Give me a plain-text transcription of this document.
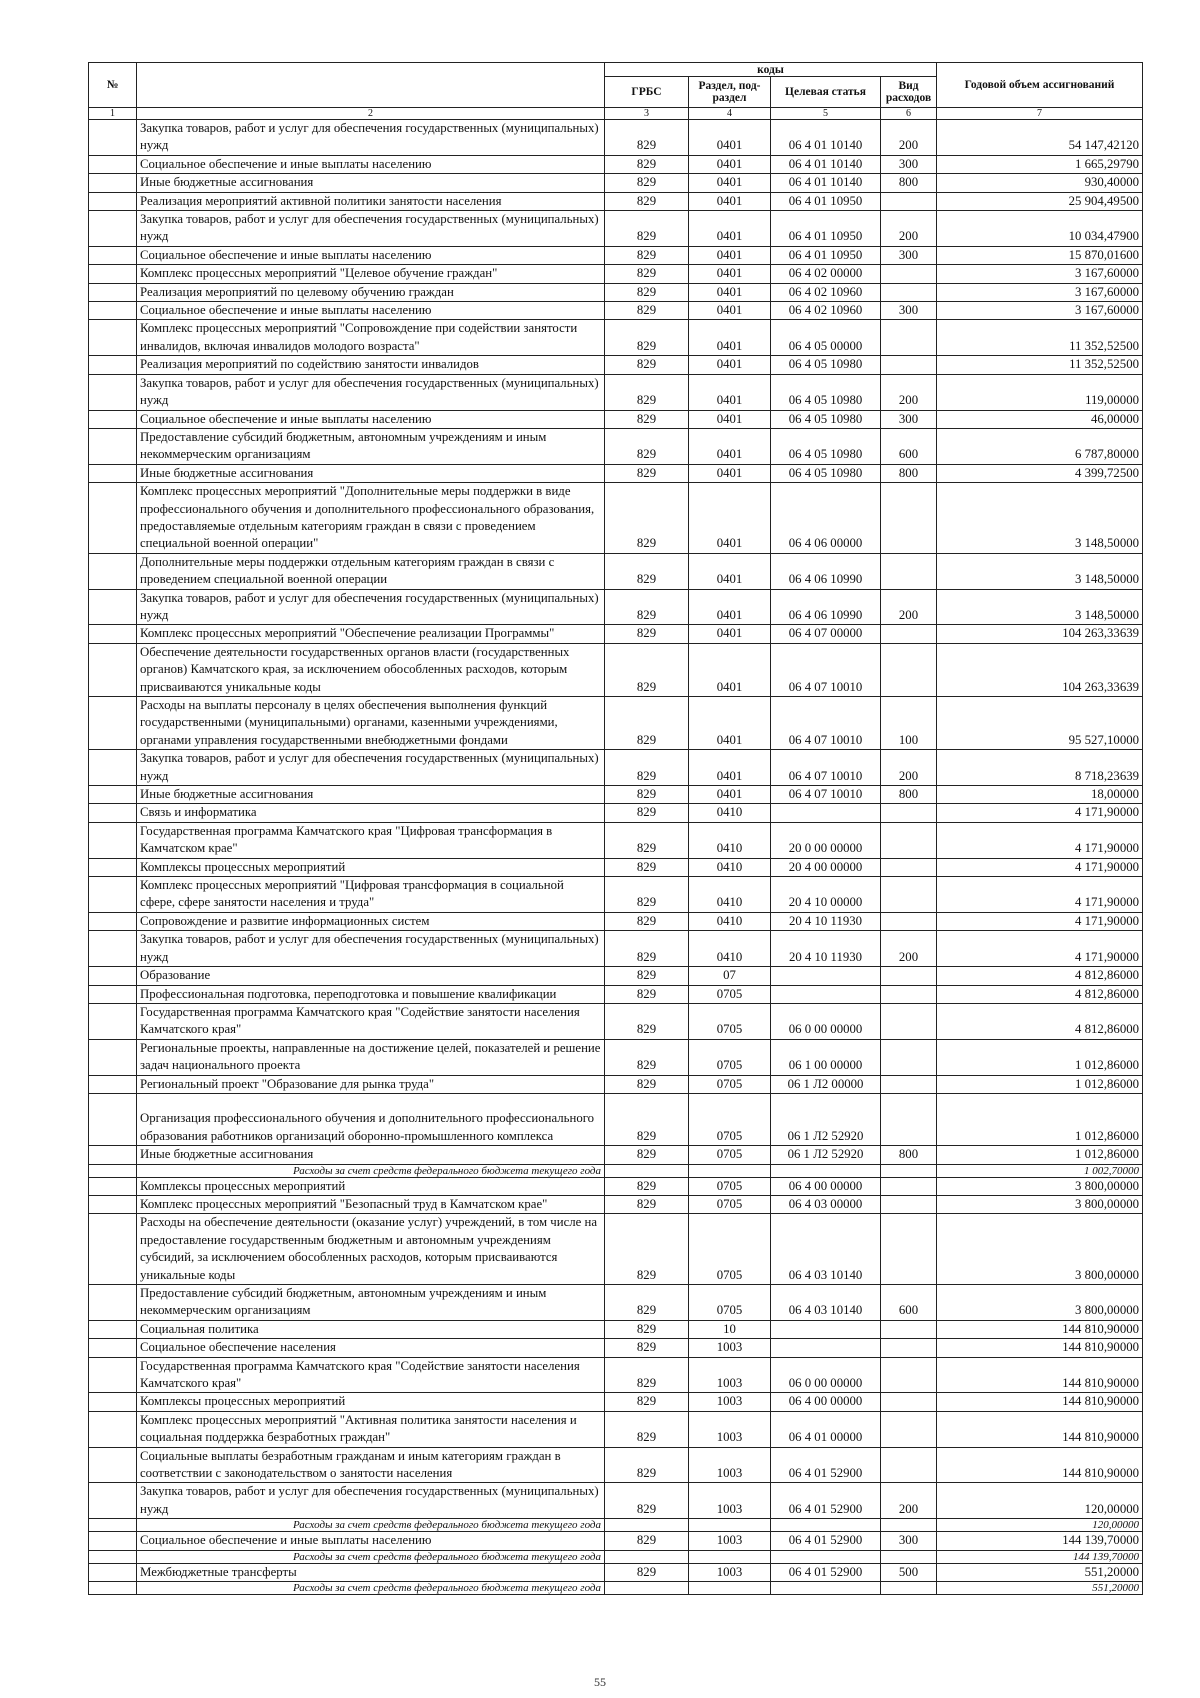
№		коды				Годовой объем ассигнований
		ГРБС	Раздел, под-раздел	Целевая статья	Вид расходов	
1	2	3	4	5	6	7
	Закупка товаров, работ и услуг для обеспечения государственных (муниципальных) нужд	829	0401	06 4 01 10140	200	54 147,42120
	Социальное обеспечение и иные выплаты населению	829	0401	06 4 01 10140	300	1 665,29790
	Иные бюджетные ассигнования	829	0401	06 4 01 10140	800	930,40000
	Реализация мероприятий активной политики занятости населения	829	0401	06 4 01 10950		25 904,49500
	Закупка товаров, работ и услуг для обеспечения государственных (муниципальных) нужд	829	0401	06 4 01 10950	200	10 034,47900
	Социальное обеспечение и иные выплаты населению	829	0401	06 4 01 10950	300	15 870,01600
	Комплекс процессных мероприятий "Целевое обучение граждан"	829	0401	06 4 02 00000		3 167,60000
	Реализация мероприятий по целевому обучению граждан	829	0401	06 4 02 10960		3 167,60000
	Социальное обеспечение и иные выплаты населению	829	0401	06 4 02 10960	300	3 167,60000
	Комплекс процессных мероприятий "Сопровождение при содействии занятости инвалидов, включая инвалидов молодого возраста"	829	0401	06 4 05 00000		11 352,52500
	Реализация мероприятий по содействию занятости инвалидов	829	0401	06 4 05 10980		11 352,52500
	Закупка товаров, работ и услуг для обеспечения государственных (муниципальных) нужд	829	0401	06 4 05 10980	200	119,00000
	Социальное обеспечение и иные выплаты населению	829	0401	06 4 05 10980	300	46,00000
	Предоставление субсидий бюджетным, автономным учреждениям и иным некоммерческим организациям	829	0401	06 4 05 10980	600	6 787,80000
	Иные бюджетные ассигнования	829	0401	06 4 05 10980	800	4 399,72500
	Комплекс процессных мероприятий "Дополнительные меры поддержки в виде профессионального обучения и дополнительного профессионального образования, предоставляемые отдельным категориям граждан в связи с проведением специальной военной операции"	829	0401	06 4 06 00000		3 148,50000
	Дополнительные меры поддержки отдельным категориям граждан в связи с проведением специальной военной операции	829	0401	06 4 06 10990		3 148,50000
	Закупка товаров, работ и услуг для обеспечения государственных (муниципальных) нужд	829	0401	06 4 06 10990	200	3 148,50000
	Комплекс процессных мероприятий "Обеспечение реализации Программы"	829	0401	06 4 07 00000		104 263,33639
	Обеспечение деятельности государственных органов власти (государственных органов) Камчатского края, за исключением обособленных расходов, которым присваиваются уникальные коды	829	0401	06 4 07 10010		104 263,33639
	Расходы на выплаты персоналу в целях обеспечения выполнения функций государственными (муниципальными) органами, казенными учреждениями, органами управления государственными внебюджетными фондами	829	0401	06 4 07 10010	100	95 527,10000
	Закупка товаров, работ и услуг для обеспечения государственных (муниципальных) нужд	829	0401	06 4 07 10010	200	8 718,23639
	Иные бюджетные ассигнования	829	0401	06 4 07 10010	800	18,00000
	Связь и информатика	829	0410			4 171,90000
	Государственная программа Камчатского края "Цифровая трансформация в Камчатском крае"	829	0410	20 0 00 00000		4 171,90000
	Комплексы процессных мероприятий	829	0410	20 4 00 00000		4 171,90000
	Комплекс процессных мероприятий "Цифровая трансформация в социальной сфере, сфере занятости населения и труда"	829	0410	20 4 10 00000		4 171,90000
	Сопровождение и развитие информационных систем	829	0410	20 4 10 11930		4 171,90000
	Закупка товаров, работ и услуг для обеспечения государственных (муниципальных) нужд	829	0410	20 4 10 11930	200	4 171,90000
	Образование	829	07			4 812,86000
	Профессиональная подготовка, переподготовка и повышение квалификации	829	0705			4 812,86000
	Государственная программа Камчатского края "Содействие занятости населения Камчатского края"	829	0705	06 0 00 00000		4 812,86000
	Региональные проекты, направленные на достижение целей, показателей и решение задач национального проекта	829	0705	06 1 00 00000		1 012,86000
	Региональный проект "Образование для рынка труда"	829	0705	06 1 Л2 00000		1 012,86000
	Организация профессионального обучения и дополнительного профессионального образования работников организаций оборонно-промышленного комплекса	829	0705	06 1 Л2 52920		1 012,86000
	Иные бюджетные ассигнования	829	0705	06 1 Л2 52920	800	1 012,86000
	Расходы за счет средств федерального бюджета текущего года					1 002,70000
	Комплексы процессных мероприятий	829	0705	06 4 00 00000		3 800,00000
	Комплекс процессных мероприятий "Безопасный труд в Камчатском крае"	829	0705	06 4 03 00000		3 800,00000
	Расходы на обеспечение деятельности (оказание услуг) учреждений, в том числе на предоставление государственным бюджетным и автономным учреждениям субсидий, за исключением обособленных расходов, которым присваиваются уникальные коды	829	0705	06 4 03 10140		3 800,00000
	Предоставление субсидий бюджетным, автономным учреждениям и иным некоммерческим организациям	829	0705	06 4 03 10140	600	3 800,00000
	Социальная политика	829	10			144 810,90000
	Социальное обеспечение населения	829	1003			144 810,90000
	Государственная программа Камчатского края "Содействие занятости населения Камчатского края"	829	1003	06 0 00 00000		144 810,90000
	Комплексы процессных мероприятий	829	1003	06 4 00 00000		144 810,90000
	Комплекс процессных мероприятий "Активная политика занятости населения и социальная поддержка безработных граждан"	829	1003	06 4 01 00000		144 810,90000
	Социальные выплаты безработным гражданам и иным категориям граждан в соответствии с законодательством о занятости населения	829	1003	06 4 01 52900		144 810,90000
	Закупка товаров, работ и услуг для обеспечения государственных (муниципальных) нужд	829	1003	06 4 01 52900	200	120,00000
	Расходы за счет средств федерального бюджета текущего года					120,00000
	Социальное обеспечение и иные выплаты населению	829	1003	06 4 01 52900	300	144 139,70000
	Расходы за счет средств федерального бюджета текущего года					144 139,70000
	Межбюджетные трансферты	829	1003	06 4 01 52900	500	551,20000
	Расходы за счет средств федерального бюджета текущего года					551,20000
55
